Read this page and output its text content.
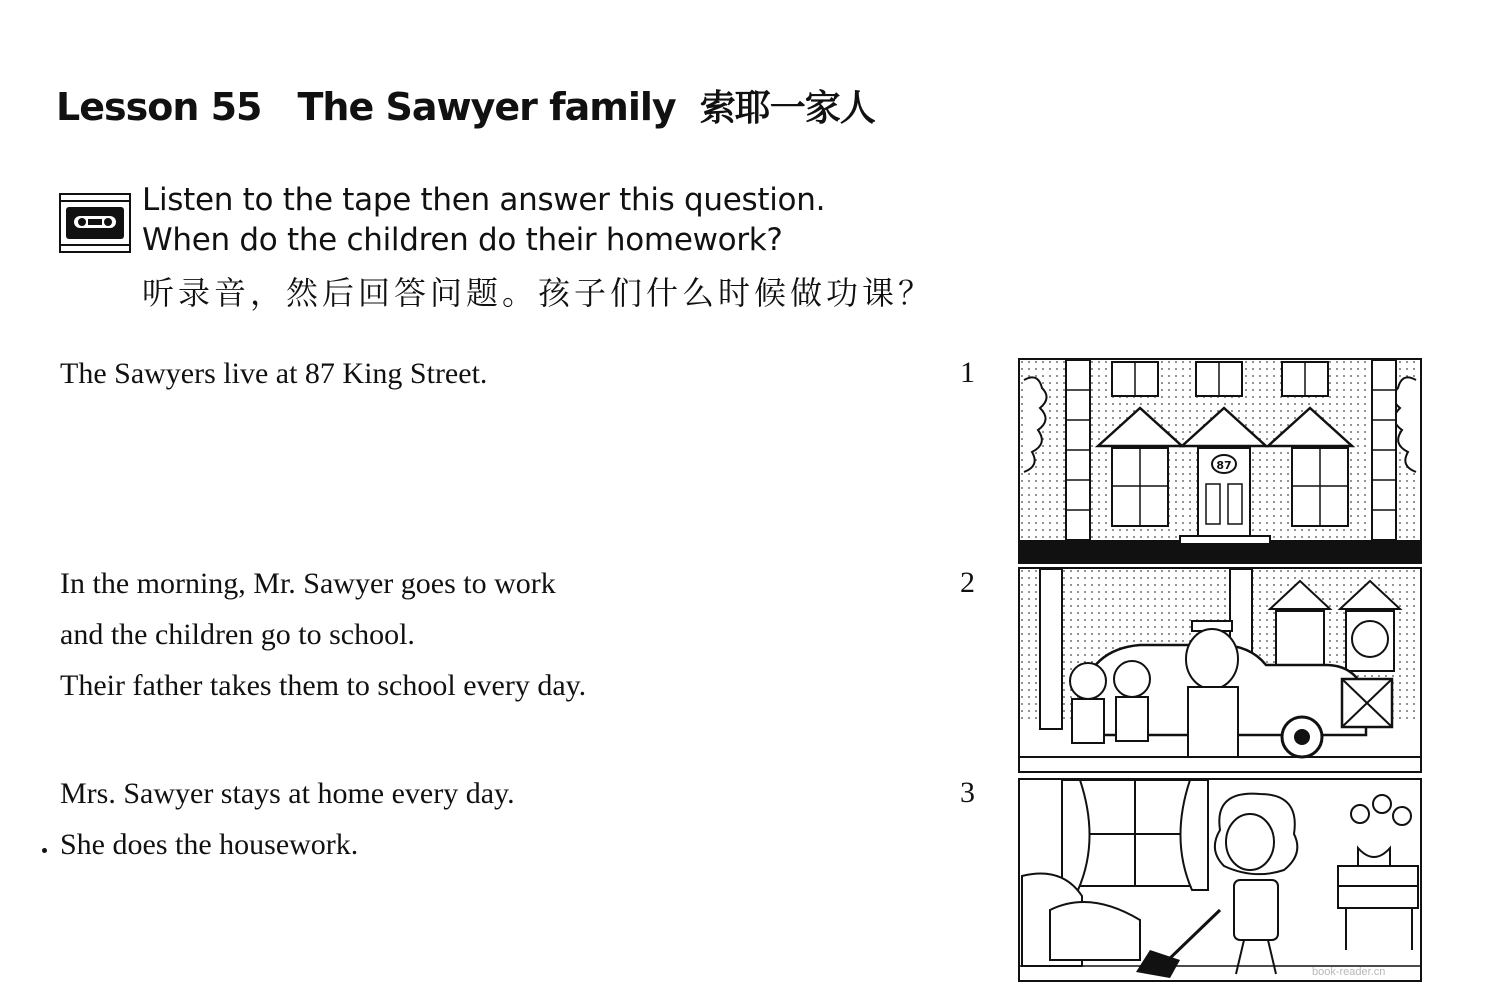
Lesson 55 The Sawyer family 索耶一家人
Listen to the tape then answer this question.
When do the children do their homework?
听录音，然后回答问题。孩子们什么时候做功课？

The Sawyers live at 87 King Street.	1

In the morning, Mr. Sawyer goes to work

and the children go to school.

Their father takes them to school every day.

2

Mrs. Sawyer stays at home every day.

She does the housework.

3
87
book-reader.cn
